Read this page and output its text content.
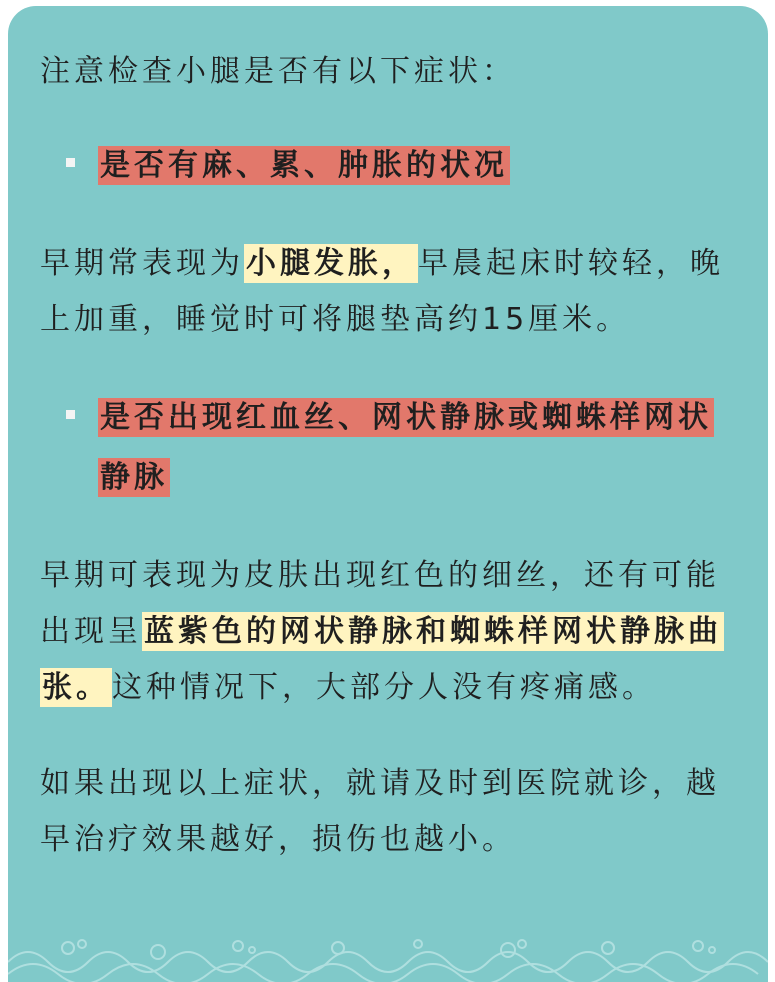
注意检查小腿是否有以下症状：

是否有麻、累、肿胀的状况

早期常表现为小腿发胀，早晨起床时较轻，晚上加重，睡觉时可将腿垫高约15厘米。

是否出现红血丝、网状静脉或蜘蛛样网状静脉

早期可表现为皮肤出现红色的细丝，还有可能出现呈蓝紫色的网状静脉和蜘蛛样网状静脉曲张。这种情况下，大部分人没有疼痛感。

如果出现以上症状，就请及时到医院就诊，越早治疗效果越好，损伤也越小。
